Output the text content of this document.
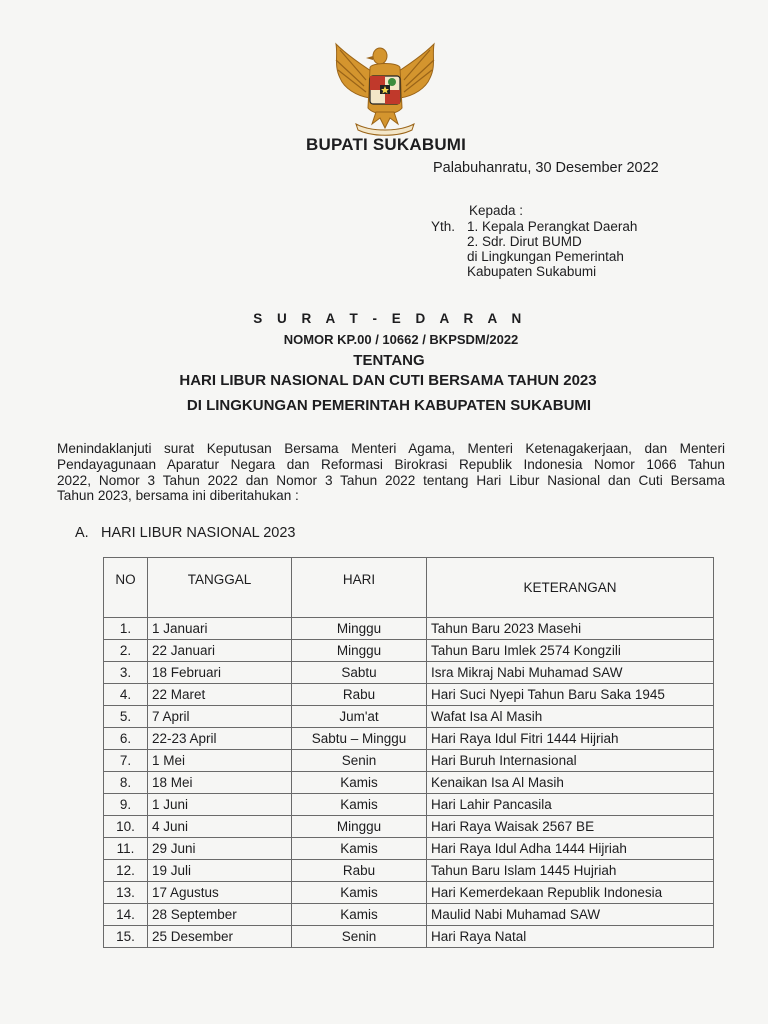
BUPATI SUKABUMI
Palabuhanratu, 30 Desember 2022
Kepada :
Yth. 1. Kepala Perangkat Daerah
2. Sdr. Dirut BUMD
di Lingkungan Pemerintah
Kabupaten Sukabumi
S U R A T - E D A R A N
NOMOR KP.00 / 10662 / BKPSDM/2022
TENTANG
HARI LIBUR NASIONAL DAN CUTI BERSAMA TAHUN 2023
DI LINGKUNGAN PEMERINTAH KABUPATEN SUKABUMI
Menindaklanjuti surat Keputusan Bersama Menteri Agama, Menteri Ketenagakerjaan, dan Menteri
Pendayagunaan Aparatur Negara dan Reformasi Birokrasi Republik Indonesia Nomor 1066 Tahun
2022, Nomor 3 Tahun 2022 dan Nomor 3 Tahun 2022 tentang Hari Libur Nasional dan Cuti Bersama
Tahun 2023, bersama ini diberitahukan :
A. HARI LIBUR NASIONAL 2023
NO	TANGGAL	HARI	KETERANGAN
1.	1 Januari	Minggu	Tahun Baru 2023 Masehi
2.	22 Januari	Minggu	Tahun Baru Imlek 2574 Kongzili
3.	18 Februari	Sabtu	Isra Mikraj Nabi Muhamad SAW
4.	22 Maret	Rabu	Hari Suci Nyepi Tahun Baru Saka 1945
5.	7 April	Jum'at	Wafat Isa Al Masih
6.	22-23 April	Sabtu – Minggu	Hari Raya Idul Fitri 1444 Hijriah
7.	1 Mei	Senin	Hari Buruh Internasional
8.	18 Mei	Kamis	Kenaikan Isa Al Masih
9.	1 Juni	Kamis	Hari Lahir Pancasila
10.	4 Juni	Minggu	Hari Raya Waisak 2567 BE
11.	29 Juni	Kamis	Hari Raya Idul Adha 1444 Hijriah
12.	19 Juli	Rabu	Tahun Baru Islam 1445 Hujriah
13.	17 Agustus	Kamis	Hari Kemerdekaan Republik Indonesia
14.	28 September	Kamis	Maulid Nabi Muhamad SAW
15.	25 Desember	Senin	Hari Raya Natal
